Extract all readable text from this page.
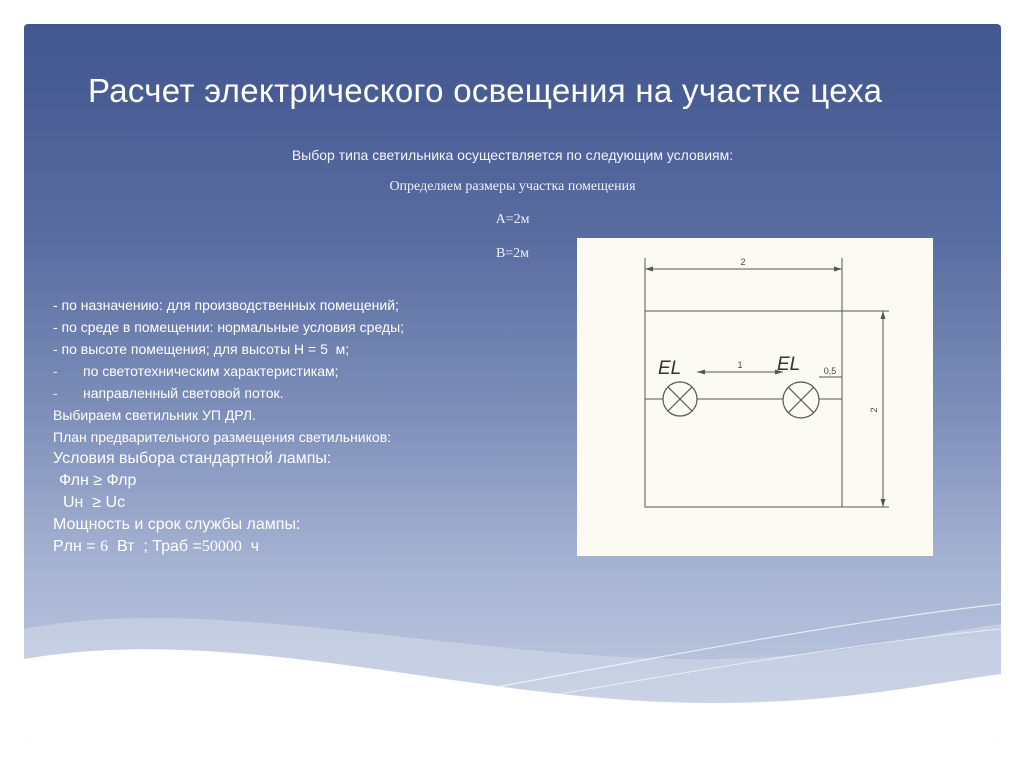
Расчет электрического освещения на участке цеха
Выбор типа светильника осуществляется по следующим условиям:
Определяем размеры участка помещения
А=2м
В=2м
- по назначению: для производственных помещений;
- по среде в помещении: нормальные условия среды;
- по высоте помещения; для высоты Н = 5  м;
- по светотехническим характеристикам;
- направленный световой поток.
Выбираем светильник УП ДРЛ.
План предварительного размещения светильников:
Условия выбора стандартной лампы:
Флн ≥ Флр
Uн  ≥ Uс
Мощность и срок службы лампы:
Рлн = 6  Вт  ; Траб =50000  ч
2
2
1
0,5
EL	EL
